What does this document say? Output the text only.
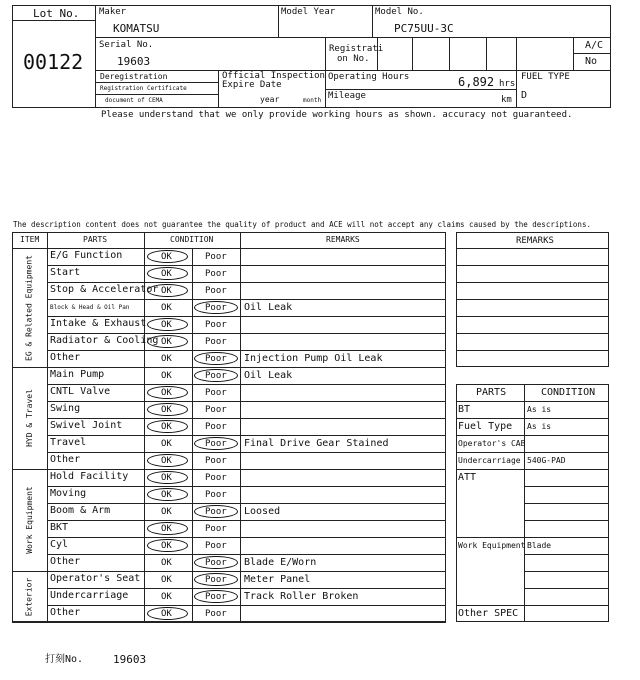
Lot No.
00122
Maker
KOMATSU
Model Year	Model No.
PC75UU-3C
Serial No.
19603
Registrati
on No.
A/C
No
Deregistration
Registration Certificate
document of CEMA
Official Inspection
Expire Date
year	month
Operating Hours	6,892 hrs
Mileage	km
FUEL TYPE
D
Please understand that we only provide working hours as shown. accuracy not guaranteed.
The description content does not guarantee the quality of product and ACE will not accept any claims caused by the descriptions.
ITEM	PARTS	CONDITION	REMARKS
EG & Related Equipment E/G Function	OK	Poor
Start	OK	Poor
Stop & Accelerator OK	Poor
Block & Head & Oil Pan	OK	Poor Oil Leak
Intake & Exhaust OK	Poor
Radiator & Cooling OK	Poor
Other	OK	Poor Injection Pump Oil Leak
HYD & Travel
Main Pump	OK	Poor Oil Leak
CNTL Valve	OK	Poor
Swing	OK	Poor
Swivel Joint	OK	Poor
Travel	OK	Poor Final Drive Gear Stained
Other	OK	Poor
Work Equipment
Hold Facility	OK	Poor
Moving	OK	Poor
Boom & Arm	OK	Poor Loosed
BKT	OK	Poor
Cyl	OK	Poor
Other	OK	Poor Blade E/Worn
Exterior Operator's Seat OK	Poor Meter Panel
Undercarriage	OK	Poor Track Roller Broken
Other	OK	Poor
REMARKS
PARTS	CONDITION
BT	As is
Fuel Type As is
Operator's CAB
Undercarriage 540G-PAD
ATT
Work Equipment Blade
Other SPEC
打刻No.	19603
